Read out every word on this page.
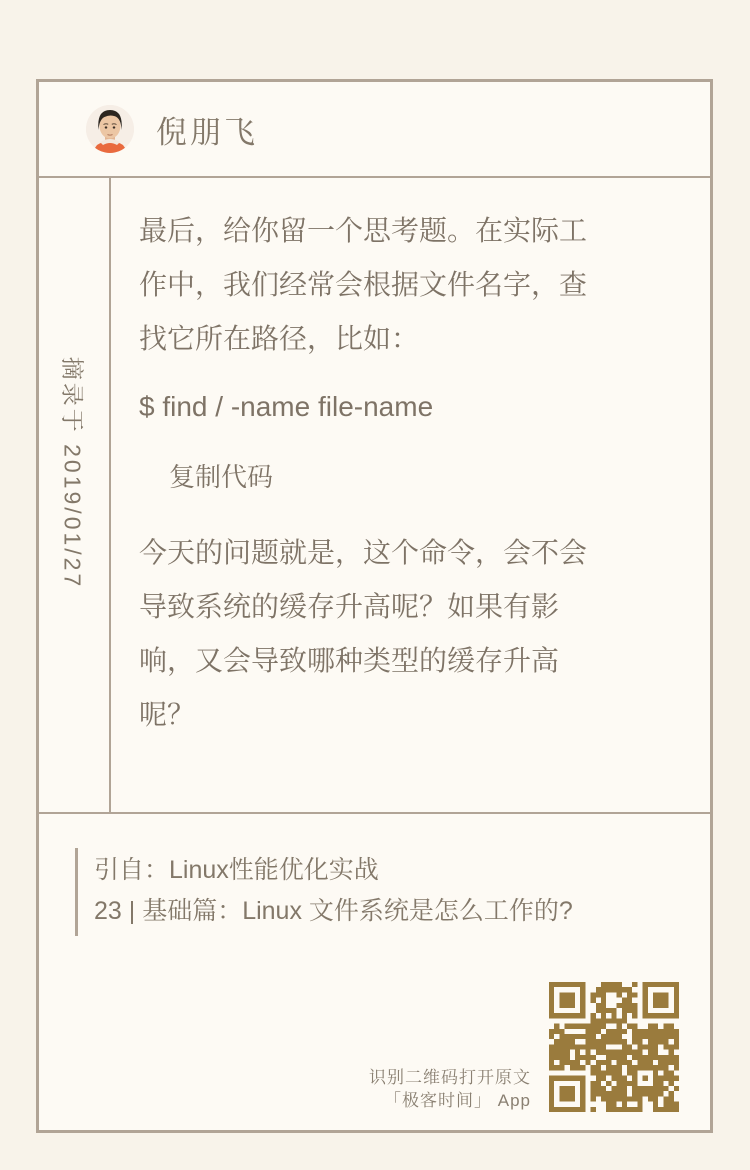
倪朋飞
摘录于 2019/01/27

最后，给你留一个思考题。在实际工作中，我们经常会根据文件名字，查找它所在路径，比如：

$ find / -name file-name
复制代码

今天的问题就是，这个命令，会不会导致系统的缓存升高呢？如果有影响，又会导致哪种类型的缓存升高呢？

引自：Linux性能优化实战
23 | 基础篇：Linux 文件系统是怎么工作的?
识别二维码打开原文
「极客时间」 App
